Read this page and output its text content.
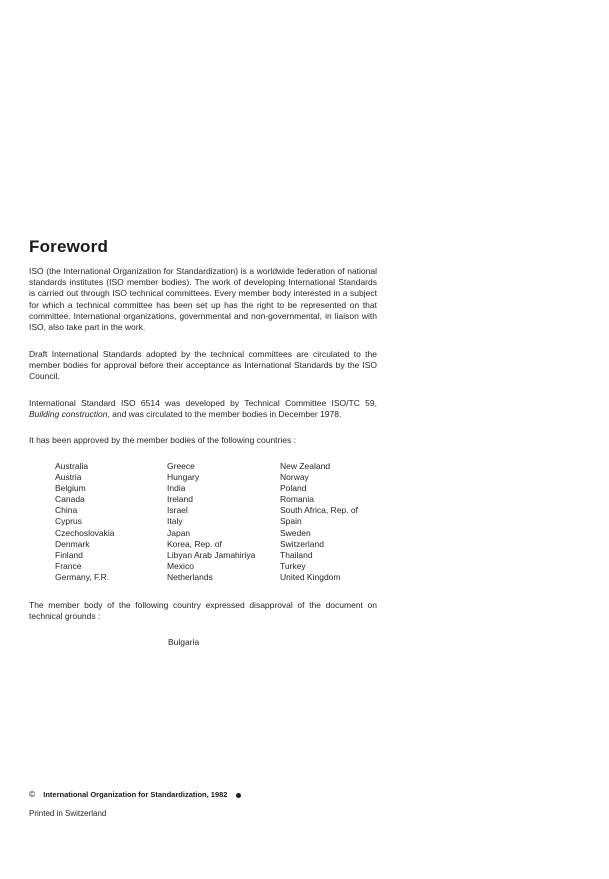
Foreword

ISO (the International Organization for Standardization) is a worldwide federation of national standards institutes (ISO member bodies). The work of developing International Standards is carried out through ISO technical committees. Every member body interested in a subject for which a technical committee has been set up has the right to be represented on that committee. International organizations, governmental and non-governmental, in liaison with ISO, also take part in the work.

Draft International Standards adopted by the technical committees are circulated to the member bodies for approval before their acceptance as International Standards by the ISO Council.

International Standard ISO 6514 was developed by Technical Committee ISO/TC 59, Building construction, and was circulated to the member bodies in December 1978.

It has been approved by the member bodies of the following countries :

Australia	Greece	New Zealand
Austria	Hungary	Norway
Belgium	India	Poland
Canada	Ireland	Romania
China	Israel	South Africa, Rep. of
Cyprus	Italy	Spain
Czechoslovakia	Japan	Sweden
Denmark	Korea, Rep. of	Switzerland
Finland	Libyan Arab Jamahiriya	Thailand
France	Mexico	Turkey
Germany, F.R.	Netherlands	United Kingdom

The member body of the following country expressed disapproval of the document on technical grounds :

Bulgaria
© International Organization for Standardization, 1982
Printed in Switzerland
